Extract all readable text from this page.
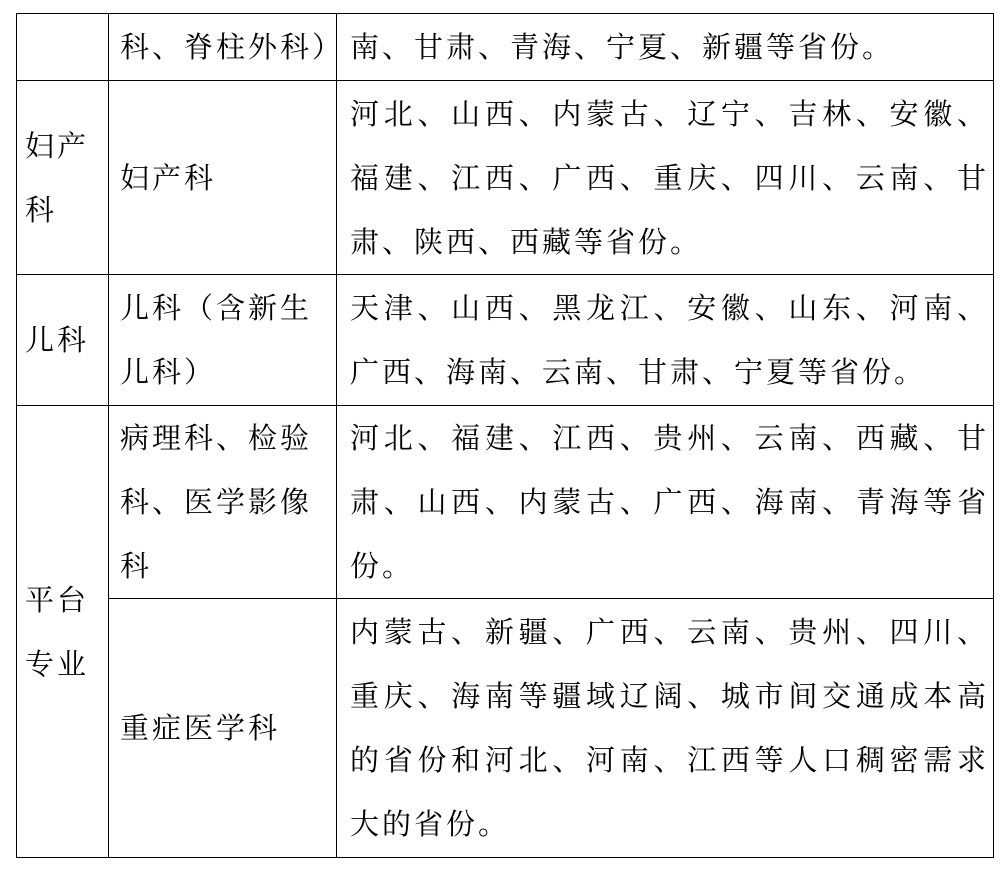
	科、脊柱外科）	南、甘肃、青海、宁夏、新疆等省份。
妇产科	妇产科	河北、山西、内蒙古、辽宁、吉林、安徽、福建、江西、广西、重庆、四川、云南、甘肃、陕西、西藏等省份。
儿科	儿科（含新生儿科）	天津、山西、黑龙江、安徽、山东、河南、广西、海南、云南、甘肃、宁夏等省份。
平台专业	病理科、检验科、医学影像科	河北、福建、江西、贵州、云南、西藏、甘肃、山西、内蒙古、广西、海南、青海等省份。
	重症医学科	内蒙古、新疆、广西、云南、贵州、四川、重庆、海南等疆域辽阔、城市间交通成本高的省份和河北、河南、江西等人口稠密需求大的省份。
